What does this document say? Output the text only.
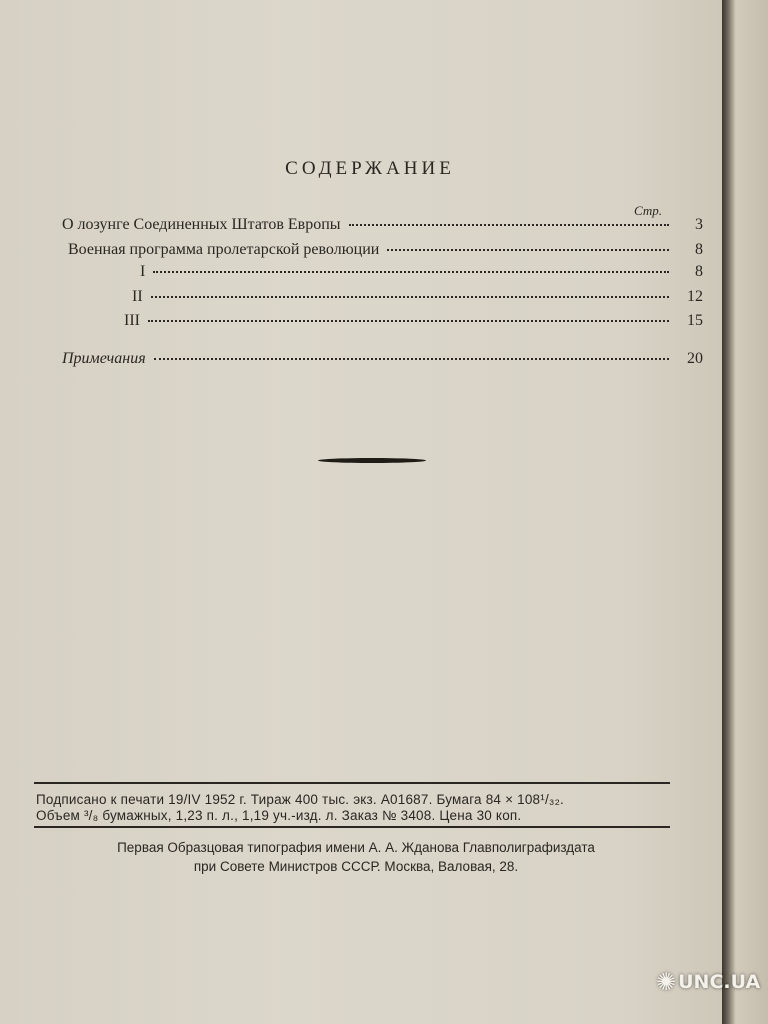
СОДЕРЖАНИЕ
Стр.
О лозунге Соединенных Штатов Европы	3
Военная программа пролетарской революции	8
I	8
II	12
III	15
Примечания	20
Подписано к печати 19/IV 1952 г. Тираж 400 тыс. экз. А01687. Бумага 84 × 108¹/₃₂.
Объем ³/₈ бумажных, 1,23 п. л., 1,19 уч.-изд. л. Заказ № 3408. Цена 30 коп.
Первая Образцовая типография имени А. А. Жданова Главполиграфиздата
при Совете Министров СССР. Москва, Валовая, 28.
✺ UNC.UA
